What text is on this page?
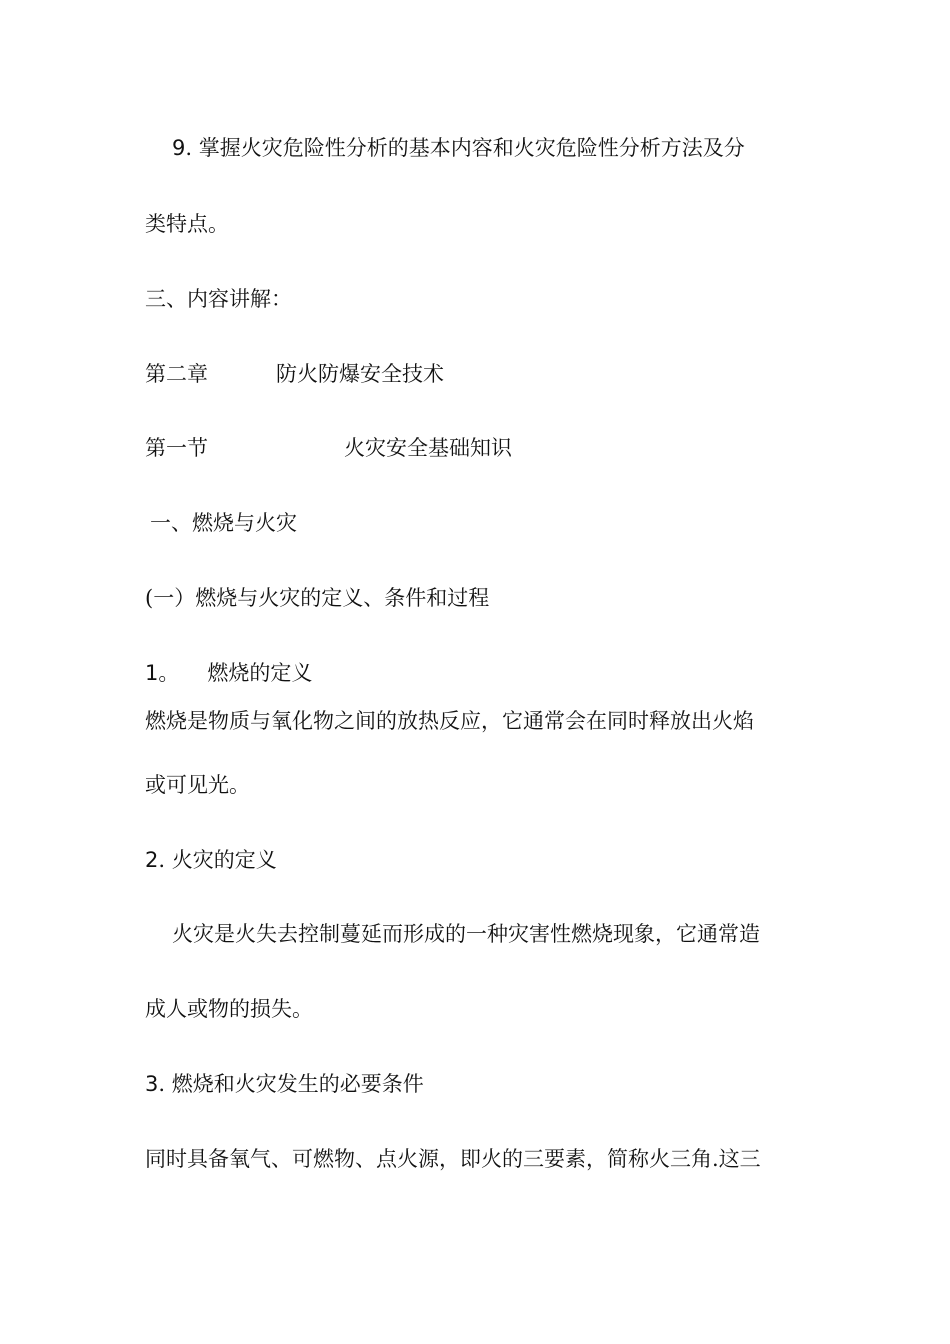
9. 掌握火灾危险性分析的基本内容和火灾危险性分析方法及分

类特点。

三、内容讲解：

第二章	防火防爆安全技术

第一节	火灾安全基础知识

一、燃烧与火灾

(一）燃烧与火灾的定义、条件和过程

1。 燃烧的定义

燃烧是物质与氧化物之间的放热反应，它通常会在同时释放出火焰

或可见光。

2. 火灾的定义

火灾是火失去控制蔓延而形成的一种灾害性燃烧现象，它通常造

成人或物的损失。

3. 燃烧和火灾发生的必要条件

同时具备氧气、可燃物、点火源，即火的三要素，简称火三角.这三
